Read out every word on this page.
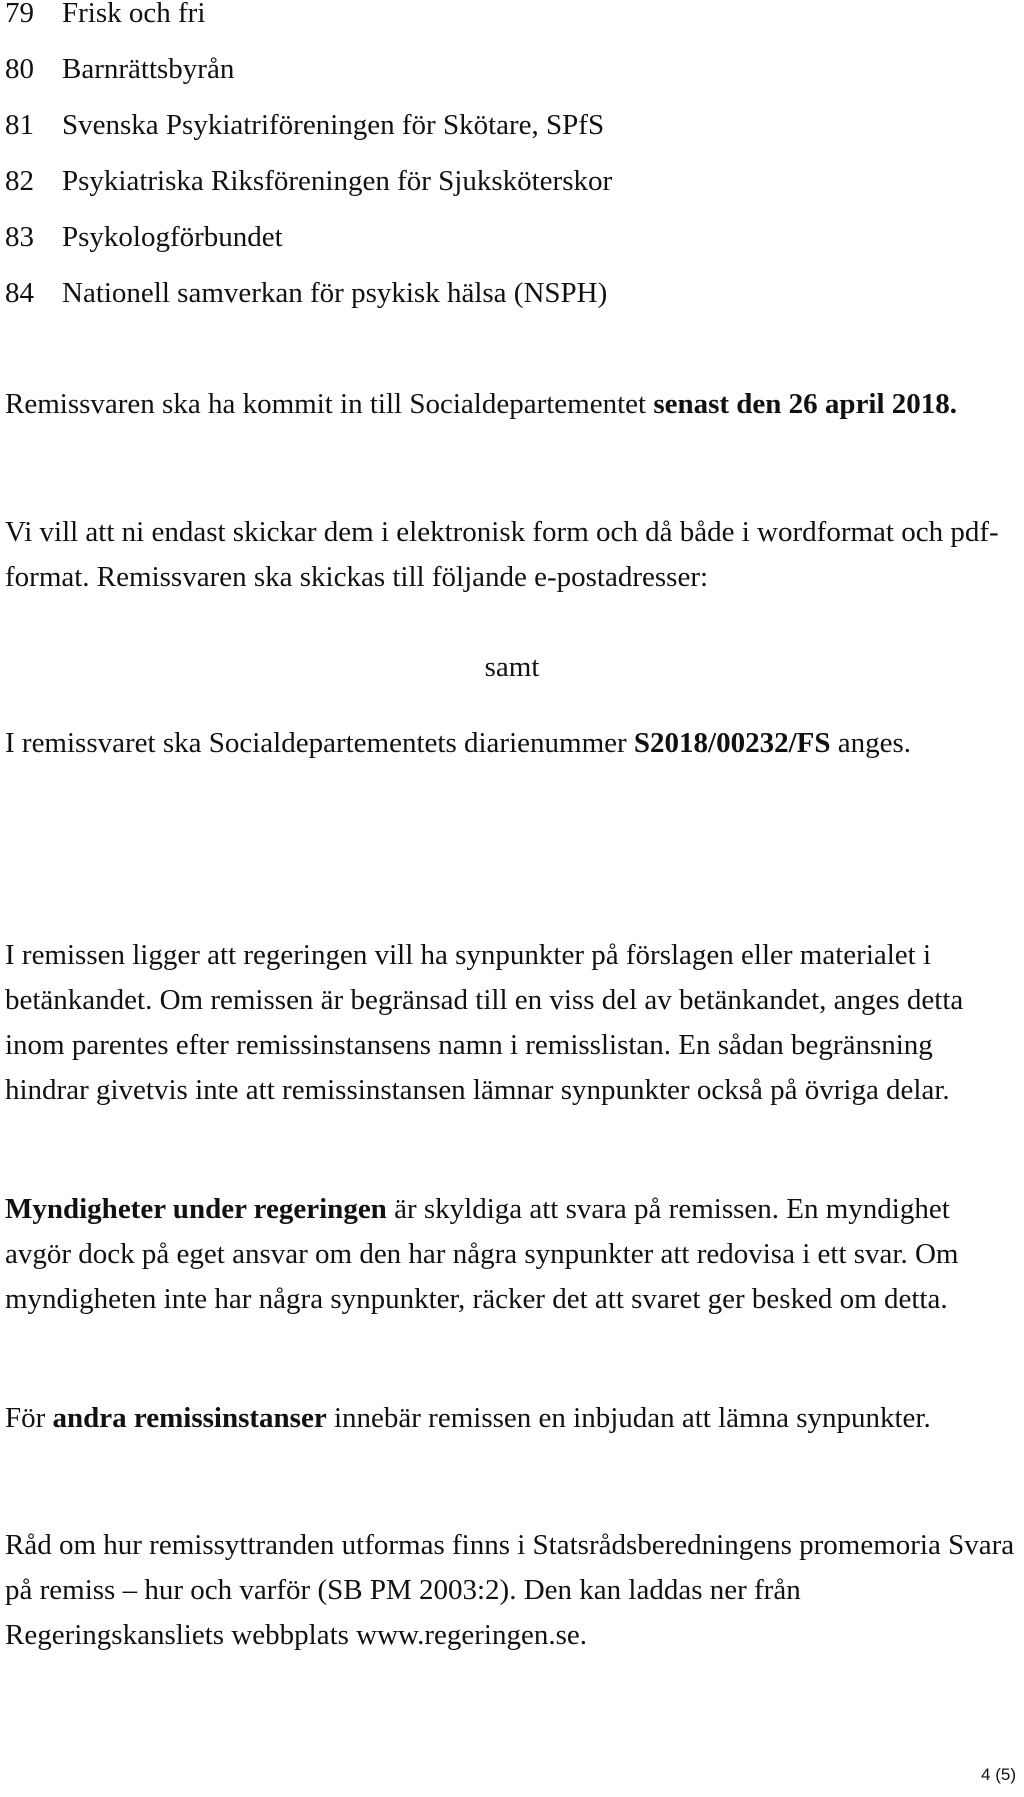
79 Frisk och fri
80 Barnrättsbyrån
81 Svenska Psykiatriföreningen för Skötare, SPfS
82 Psykiatriska Riksföreningen för Sjuksköterskor
83 Psykologförbundet
84 Nationell samverkan för psykisk hälsa (NSPH)
Remissvaren ska ha kommit in till Socialdepartementet senast den 26 april 2018.
Vi vill att ni endast skickar dem i elektronisk form och då både i wordformat och pdf-format. Remissvaren ska skickas till följande e-postadresser:
samt
I remissvaret ska Socialdepartementets diarienummer S2018/00232/FS anges.
I remissen ligger att regeringen vill ha synpunkter på förslagen eller materialet i betänkandet. Om remissen är begränsad till en viss del av betänkandet, anges detta inom parentes efter remissinstansens namn i remisslistan. En sådan begränsning hindrar givetvis inte att remissinstansen lämnar synpunkter också på övriga delar.
Myndigheter under regeringen är skyldiga att svara på remissen. En myndighet avgör dock på eget ansvar om den har några synpunkter att redovisa i ett svar. Om myndigheten inte har några synpunkter, räcker det att svaret ger besked om detta.
För andra remissinstanser innebär remissen en inbjudan att lämna synpunkter.
Råd om hur remissyttranden utformas finns i Statsrådsberedningens promemoria Svara på remiss – hur och varför (SB PM 2003:2). Den kan laddas ner från Regeringskansliets webbplats www.regeringen.se.
4 (5)
